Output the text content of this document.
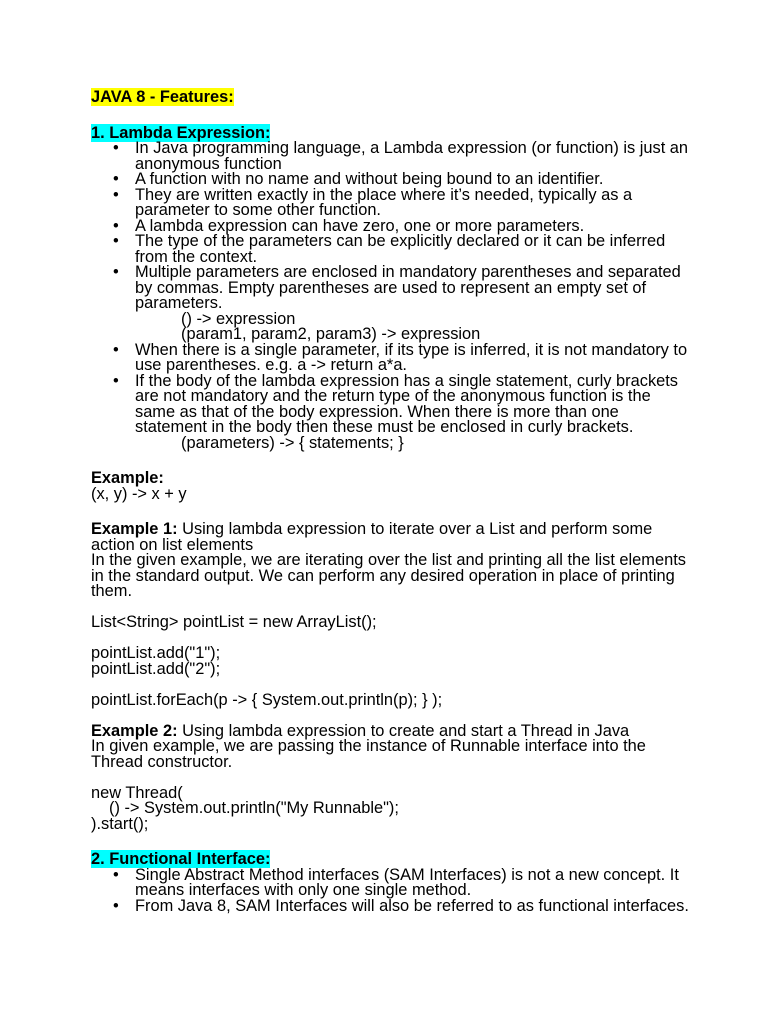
JAVA 8 - Features:
1. Lambda Expression:
• In Java programming language, a Lambda expression (or function) is just an anonymous function
• A function with no name and without being bound to an identifier.
• They are written exactly in the place where it’s needed, typically as a parameter to some other function.
• A lambda expression can have zero, one or more parameters.
• The type of the parameters can be explicitly declared or it can be inferred from the context.
• Multiple parameters are enclosed in mandatory parentheses and separated by commas. Empty parentheses are used to represent an empty set of parameters.
() -> expression
(param1, param2, param3) -> expression
• When there is a single parameter, if its type is inferred, it is not mandatory to use parentheses. e.g. a -> return a*a.
• If the body of the lambda expression has a single statement, curly brackets are not mandatory and the return type of the anonymous function is the same as that of the body expression. When there is more than one statement in the body then these must be enclosed in curly brackets.
(parameters) -> { statements; }
Example:
(x, y) -> x + y
Example 1: Using lambda expression to iterate over a List and perform some action on list elements
In the given example, we are iterating over the list and printing all the list elements in the standard output. We can perform any desired operation in place of printing them.
List<String> pointList = new ArrayList();
pointList.add("1");
pointList.add("2");
pointList.forEach(p -> { System.out.println(p); } );
Example 2: Using lambda expression to create and start a Thread in Java
In given example, we are passing the instance of Runnable interface into the Thread constructor.
new Thread(
() -> System.out.println("My Runnable");
).start();
2. Functional Interface:
• Single Abstract Method interfaces (SAM Interfaces) is not a new concept. It means interfaces with only one single method.
• From Java 8, SAM Interfaces will also be referred to as functional interfaces.
